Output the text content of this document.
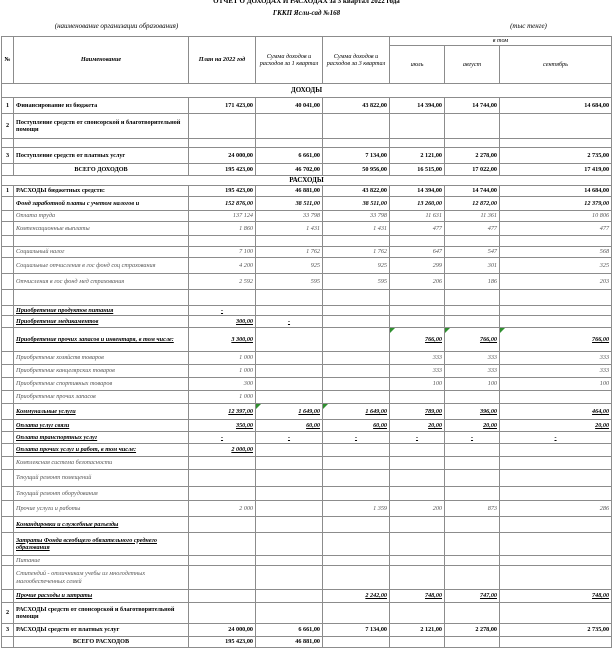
ОТЧЕТ О ДОХОДАХ И РАСХОДАХ за 3 квартал 2022 года
ГККП Ясли-сад №168
(наименование организации образования)	(тыс тенге)
№	Наименование	План на 2022 год	Сумма доходов и расходов за 1 квартал	Сумма доходов и расходов за 3 квартал	в том		
					июль	август	сентябрь
ДОХОДЫ							
1	Финансирование из бюджета	171 423,00	40 041,00	43 822,00	14 394,00	14 744,00	14 684,00
2	Поступление средств от спонсорской и благотворительной помощи						

3	Поступление средств от платных услуг	24 000,00	6 661,00	7 134,00	2 121,00	2 278,00	2 735,00
	ВСЕГО ДОХОДОВ	195 423,00	46 702,00	50 956,00	16 515,00	17 022,00	17 419,00
РАСХОДЫ							
1	РАСХОДЫ бюджетных средств:	195 423,00	46 881,00	43 822,00	14 394,00	14 744,00	14 684,00
	Фонд заработной платы с учетом налогов и	152 876,00	38 511,00	38 511,00	13 260,00	12 872,00	12 379,00
	Оплата труда	137 124	33 798	33 798	11 631	11 361	10 806
	Компенсационные выплаты	1 860	1 431	1 431	477	477	477

	Социальный налог	7 100	1 762	1 762	647	547	568
	Социальные отчисления в гос фонд соц страхования	4 200	925	925	299	301	325
	Отчисления в гос фонд мед страхования	2 592	595	595	206	186	203

	Приобретение продуктов питания	-					
	Приобретение медикаментов	300,00	-				
	Приобретение прочих запасов и инвентаря, в том числе:	3 300,00			766,00	766,00	766,00
	Приобретение хозяйств товаров	1 000			333	333	333
	Приобретение канцелярских товаров	1 000			333	333	333
	Приобретение спортивных товаров	300			100	100	100
	Приобретение прочих запасов	1 000					
	Коммунальные услуги	12 397,00	1 649,00	1 649,00	789,00	396,00	464,00
	Оплата услуг связи	350,00	60,00	60,00	20,00	20,00	20,00
	Оплата транспортных услуг	-	-	-	-	-	-
	Оплата прочих услуг и работ, в том числе:	2 000,00					
	Комплексная система безопасности						
	Текущий ремонт помещений						
	Текущий ремонт оборудования						
	Прочие услуги и работы	2 000		1 359	200	873	286
	Командировки и служебные разъезды						
	Затраты Фонда всеобщего обязательного среднего образования						
	Питание						
	Стипендий - отличникам учебы из многодетных малообеспеченных семей						
	Прочие расходы и затраты			2 242,00	748,00	747,00	748,00
2	РАСХОДЫ средств от спонсорской и благотворительной помощи						
3	РАСХОДЫ средств от платных услуг	24 000,00	6 661,00	7 134,00	2 121,00	2 278,00	2 735,00
	ВСЕГО РАСХОДОВ	195 423,00	46 881,00				
